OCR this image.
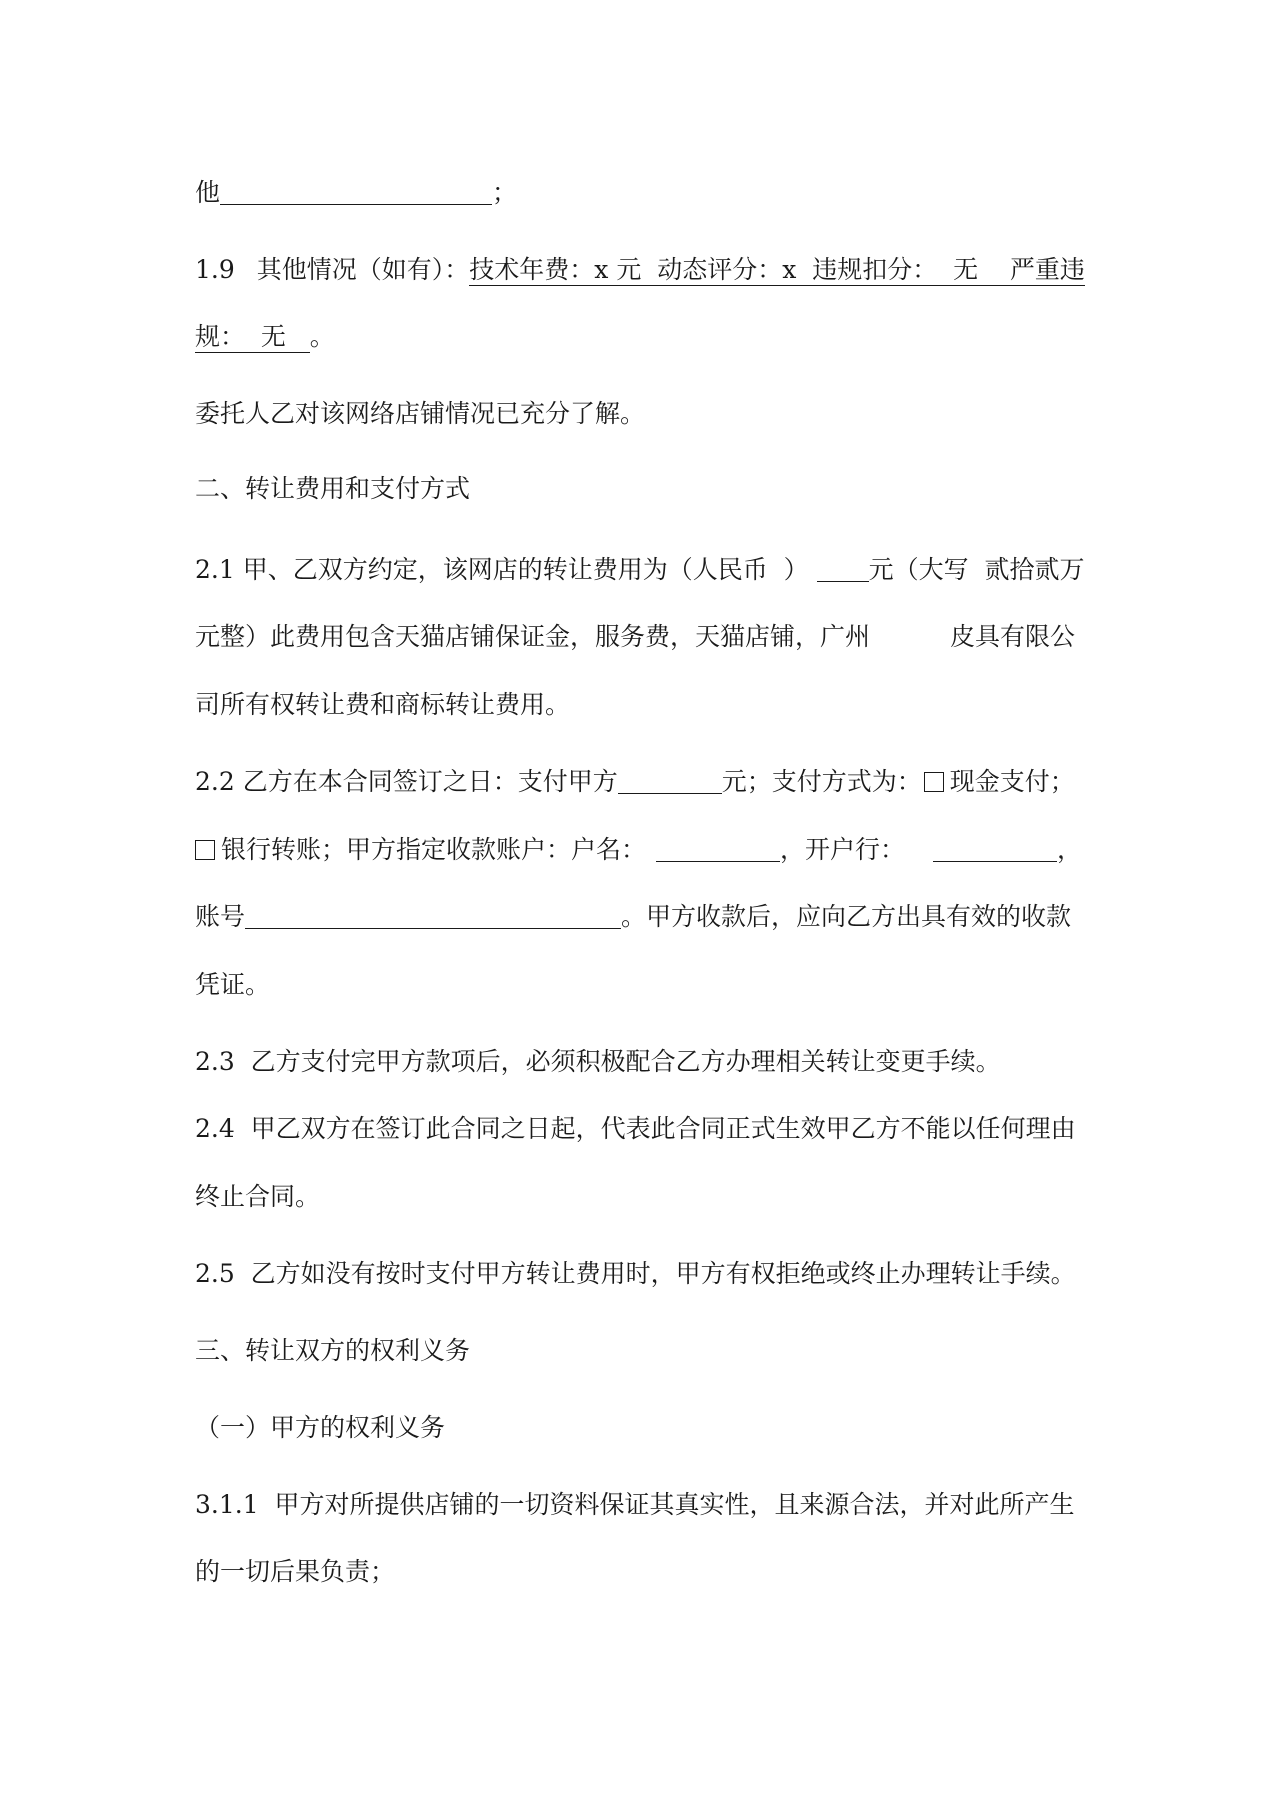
他	；
1.9 其他情况（如有）：技术年费：x 元  动态评分：x  违规扣分：  无    严重违
规：  无   。
委托人乙对该网络店铺情况已充分了解。
二、转让费用和支付方式
2.1 甲、乙双方约定，该网店的转让费用为（人民币  ） 元（大写  贰拾贰万
元整）此费用包含天猫店铺保证金，服务费，天猫店铺，广州	皮具有限公
司所有权转让费和商标转让费用。
2.2 乙方在本合同签订之日：支付甲方	元；支付方式为： 现金支付；
银行转账；甲方指定收款账户：户名：	，开户行：	，
账号	。甲方收款后，应向乙方出具有效的收款
凭证。
2.3  乙方支付完甲方款项后，必须积极配合乙方办理相关转让变更手续。
2.4  甲乙双方在签订此合同之日起，代表此合同正式生效甲乙方不能以任何理由
终止合同。
2.5  乙方如没有按时支付甲方转让费用时，甲方有权拒绝或终止办理转让手续。
三、转让双方的权利义务
（一）甲方的权利义务
3.1.1  甲方对所提供店铺的一切资料保证其真实性，且来源合法，并对此所产生
的一切后果负责；
